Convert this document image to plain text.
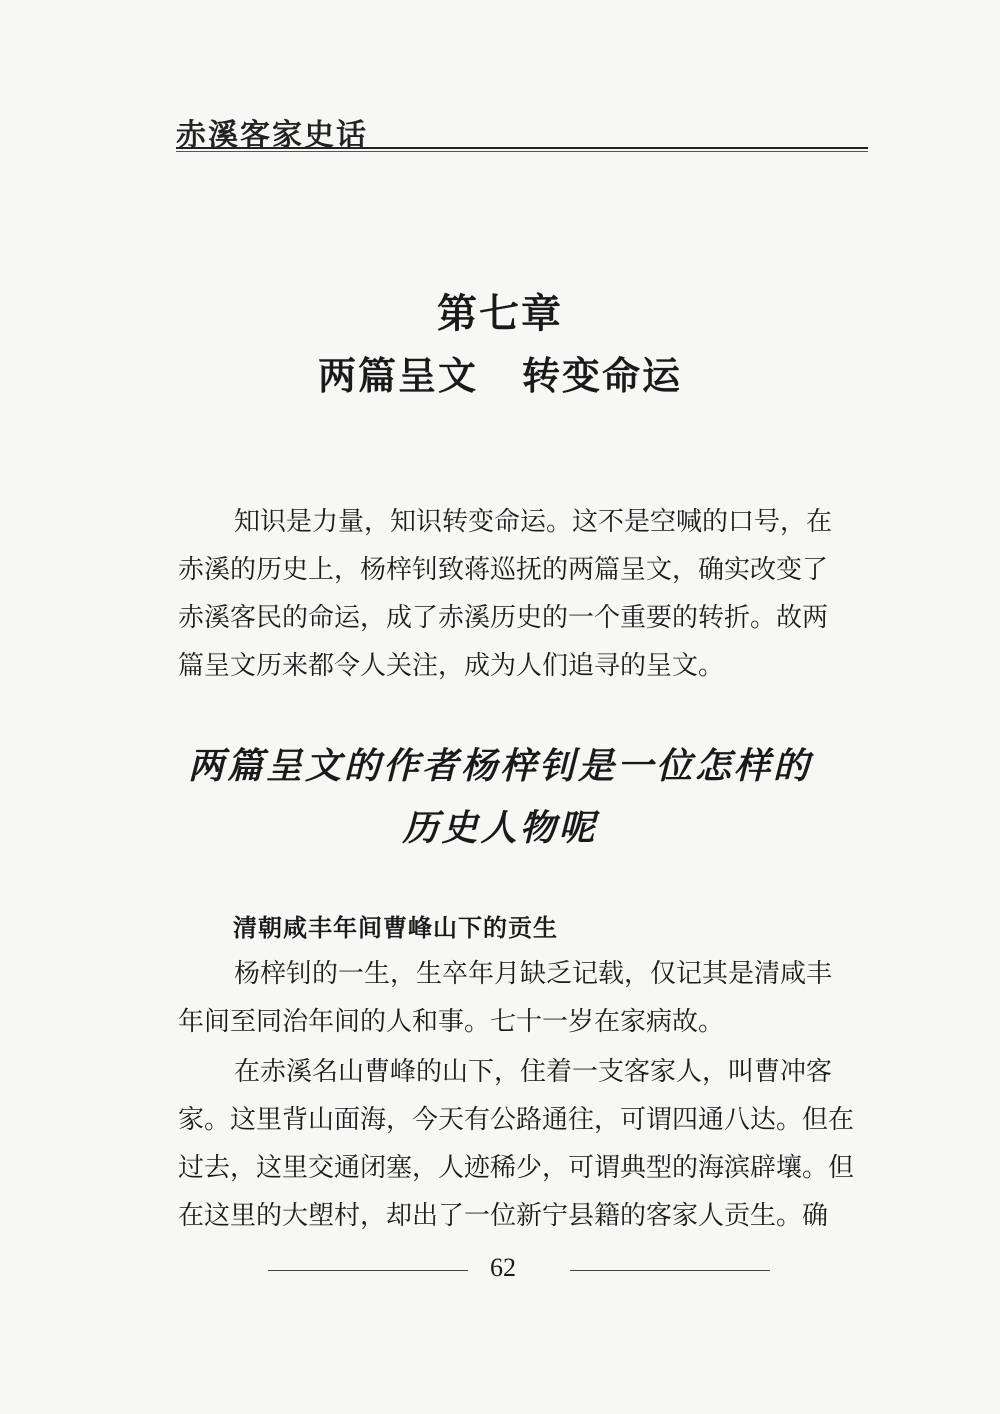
赤溪客家史话
第七章
两篇呈文 转变命运
知识是力量，知识转变命运。这不是空喊的口号，在
赤溪的历史上，杨梓钊致蒋巡抚的两篇呈文，确实改变了
赤溪客民的命运，成了赤溪历史的一个重要的转折。故两
篇呈文历来都令人关注，成为人们追寻的呈文。
两篇呈文的作者杨梓钊是一位怎样的
历史人物呢
清朝咸丰年间曹峰山下的贡生
杨梓钊的一生，生卒年月缺乏记载，仅记其是清咸丰
年间至同治年间的人和事。七十一岁在家病故。
在赤溪名山曹峰的山下，住着一支客家人，叫曹冲客
家。这里背山面海，今天有公路通往，可谓四通八达。但在
过去，这里交通闭塞，人迹稀少，可谓典型的海滨辟壤。但
在这里的大塱村，却出了一位新宁县籍的客家人贡生。确
62
